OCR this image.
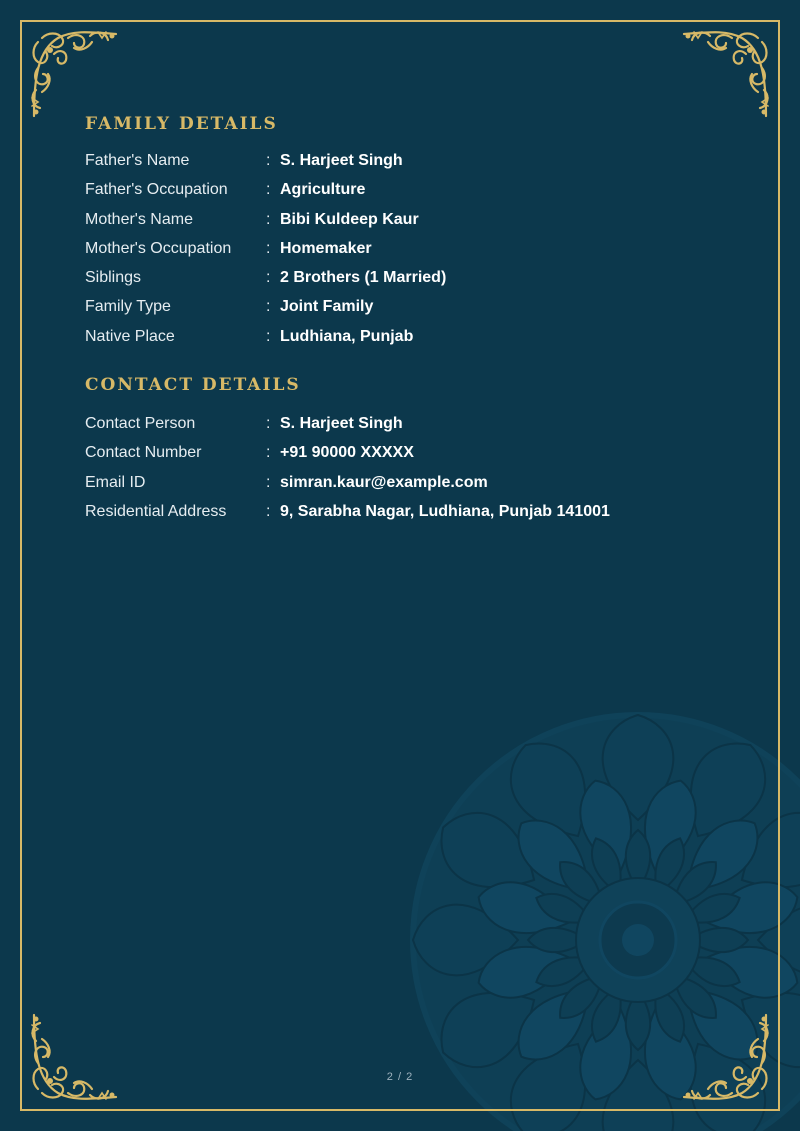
FAMILY DETAILS
Father's Name	: S. Harjeet Singh
Father's Occupation : Agriculture
Mother's Name	: Bibi Kuldeep Kaur
Mother's Occupation : Homemaker
Siblings	: 2 Brothers (1 Married)
Family Type	: Joint Family
Native Place	: Ludhiana, Punjab
CONTACT DETAILS
Contact Person	: S. Harjeet Singh
Contact Number	: +91 90000 XXXXX
Email ID	: simran.kaur@example.com
Residential Address : 9, Sarabha Nagar, Ludhiana, Punjab 141001
2 / 2
